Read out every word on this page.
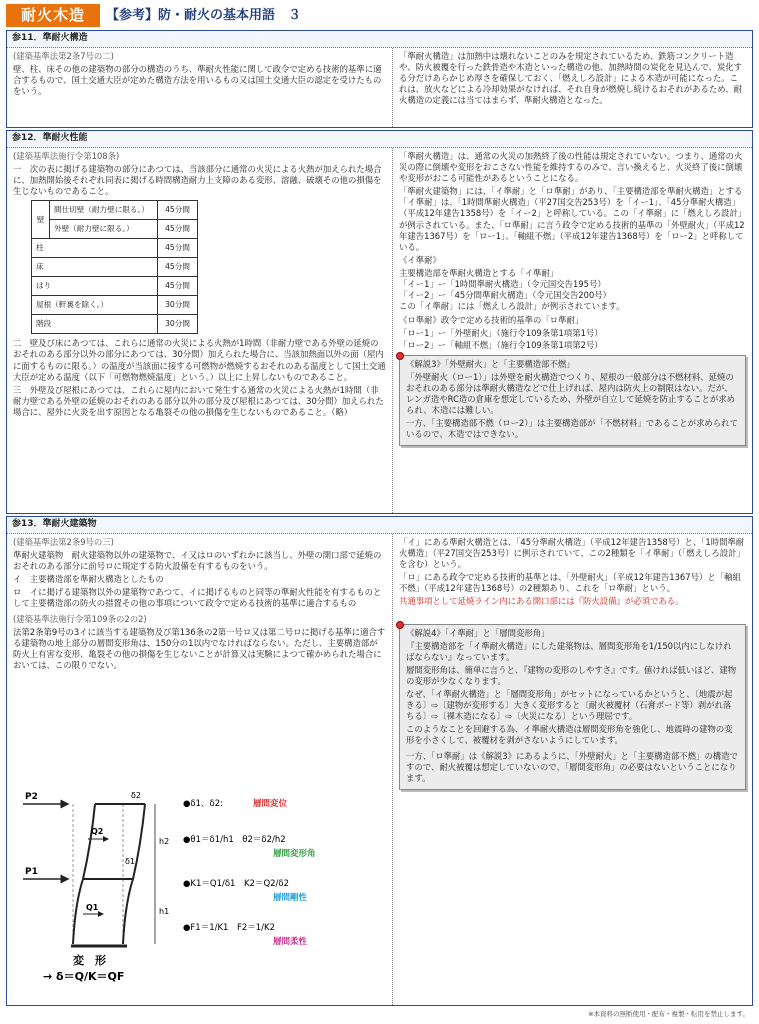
耐火木造	【参考】防・耐火の基本用語　３
参11．準耐火構造

(建築基準法第2条7号の二)

壁、柱、床その他の建築物の部分の構造のうち、準耐火性能に関して政令で定める技術的基準に適合するもので、国土交通大臣が定めた構造方法を用いるもの又は国土交通大臣の認定を受けたものをいう。

「準耐火構造」は加熱中は壊れないことのみを規定されているため、鉄筋コンクリート造や、防火被覆を行った鉄骨造や木造といった構造の他、加熱時間の炭化を見込んで、炭化する分だけあらかじめ厚さを確保しておく、「燃えしろ設計」による木造が可能になった。これは、放火などによる冷却効果がなければ、それ自身が燃焼し続けるおそれがあるため、耐火構造の定義には当てはまらず、準耐火構造となった。

参12．準耐火性能

(建築基準法施行令第108条)

一　次の表に掲げる建築物の部分にあつては、当該部分に通常の火災による火熱が加えられた場合に、加熱開始後それぞれ同表に掲げる時間構造耐力上支障のある変形、溶融、破壊その他の損傷を生じないものであること。

壁	間仕切壁（耐力壁に限る。）	45分間
	外壁（耐力壁に限る。）	45分間
柱		45分間
床		45分間
はり		45分間
屋根（軒裏を除く。）		30分間
階段		30分間

二　壁及び床にあつては、これらに通常の火災による火熱が1時間（非耐力壁である外壁の延焼のおそれのある部分以外の部分にあつては、30分間）加えられた場合に、当該加熱面以外の面（屋内に面するものに限る。）の温度が当該面に接する可燃物が燃焼するおそれのある温度として国土交通大臣が定める温度（以下「可燃物燃焼温度」という。）以上に上昇しないものであること。

三　外壁及び屋根にあつては、これらに屋内において発生する通常の火災による火熱が1時間（非耐力壁である外壁の延焼のおそれのある部分以外の部分及び屋根にあつては、30分間）加えられた場合に、屋外に火炎を出す原因となる亀裂その他の損傷を生じないものであること。（略）

「準耐火構造」は、通常の火災の加熱終了後の性能は規定されていない。つまり、通常の火災の際に倒壊や変形をおこさない性能を維持するのみで、言い換えると、火災終了後に倒壊や変形がおこる可能性があるということになる。

「準耐火建築物」には、「イ準耐」と「ロ準耐」があり、「主要構造部を準耐火構造」とする「イ準耐」は、「1時間準耐火構造」（平27国交告253号）を「イー1」、「45分準耐火構造」（平成12年建告1358号）を「イー2」と呼称している。この「イ準耐」に「燃えしろ設計」が例示されている。また、「ロ準耐」に言う政令で定める技術的基準の「外壁耐火」（平成12年建告1367号）を「ロー1」、「軸組不燃」（平成12年建告1368号）を「ロー2」と呼称している。

《イ準耐》

主要構造部を準耐火構造とする「イ準耐」
「イー1」ー「1時間準耐火構造」（令元国交告195号）
「イー2」ー「45分間準耐火構造」（令元国交告200号）
この「イ準耐」には「燃えしろ設計」が例示されています。

《ロ準耐》政令で定める技術的基準の「ロ準耐」

「ロー1」ー「外壁耐火」（施行令109条第1項第1号）
「ロー2」ー「軸組不燃」（施行令109条第1項第2号）

《解説3》「外壁耐火」と「主要構造部不燃」

「外壁耐火（ロー1）」は外壁を耐火構造でつくり、屋根の一般部分は不燃材料、延焼のおそれのある部分は準耐火構造などで仕上げれば、屋内は防火上の制限はない。だが、レンガ造やRC造の倉庫を想定しているため、外壁が自立して延焼を防止することが求められ、木造には難しい。

一方、「主要構造部不燃（ロー2）」は主要構造部が「不燃材料」であることが求められているので、木造ではできない。

参13．準耐火建築物

(建築基準法第2条9号の三)

準耐火建築物　耐火建築物以外の建築物で、イ又はロのいずれかに該当し、外壁の開口部で延焼のおそれのある部分に前号ロに規定する防火設備を有するものをいう。

イ　主要構造部を準耐火構造としたもの

ロ　イに掲げる建築物以外の建築物であつて、イに掲げるものと同等の準耐火性能を有するものとして主要構造部の防火の措置その他の事項について政令で定める技術的基準に適合するもの

(建築基準法施行令第109条の2の2)

法第2条第9号の3イに該当する建築物及び第136条の2第一号ロ又は第二号ロに掲げる基準に適合する建築物の地上部分の層間変形角は、150分の1以内でなければならない。ただし、主要構造部が防火上有害な変形、亀裂その他の損傷を生じないことが計算又は実験によつて確かめられた場合においては、この限りでない。

P2
P1
Q2
Q1
δ2
δ1
h2
h1
変　形
→ δ＝Q/K＝QF
●δ1、δ2:	層間変位
●θ1＝δ1/h1　θ2＝δ2/h2
層間変形角
●K1＝Q1/δ1　K2＝Q2/δ2
層間剛性
●F1＝1/K1　F2＝1/K2
層間柔性

「イ」にある準耐火構造とは、「45分準耐火構造」（平成12年建告1358号）と、「1時間準耐火構造」（平27国交告253号）に例示されていて、この2種類を「イ準耐」（「燃えしろ設計」を含む）という。

「ロ」にある政令で定める技術的基準とは、「外壁耐火」（平成12年建告1367号）と「軸組不燃」（平成12年建告1368号）の2種類あり、これを「ロ準耐」という。

共通事項として延焼ライン内にある開口部には『防火設備』が必須である。

《解説4》「イ準耐」と「層間変形角」

『主要構造部を「イ準耐火構造」にした建築物は、層間変形角を1/150以内にしなければならない』なっています。

層間変形角は、簡単に言うと、『建物の変形のしやすさ』です。値ければ低いほど、建物の変形が少なくなります。

なぜ、「イ準耐火構造」と「層間変形角」がセットになっているかというと、〔地震が起きる〕⇨〔建物が変形する〕大きく変形すると〔耐火被覆材（石膏ボード等）剥がれ落ちる〕⇨〔裸木造になる〕⇨〔火災になる〕という理屈です。

このようなことを回避する為、イ準耐火構造は層間変形角を強化し、地震時の建物の変形を小さくして、被覆材を剥がさないようにしています。

一方、「ロ準耐」は《解説3》にあるように、「外壁耐火」と「主要構造部不燃」の構造ですので、耐火被覆は想定していないので、「層間変形角」の必要はないということになります。

※本資料の無断使用・配布・複製・転用を禁止します。
